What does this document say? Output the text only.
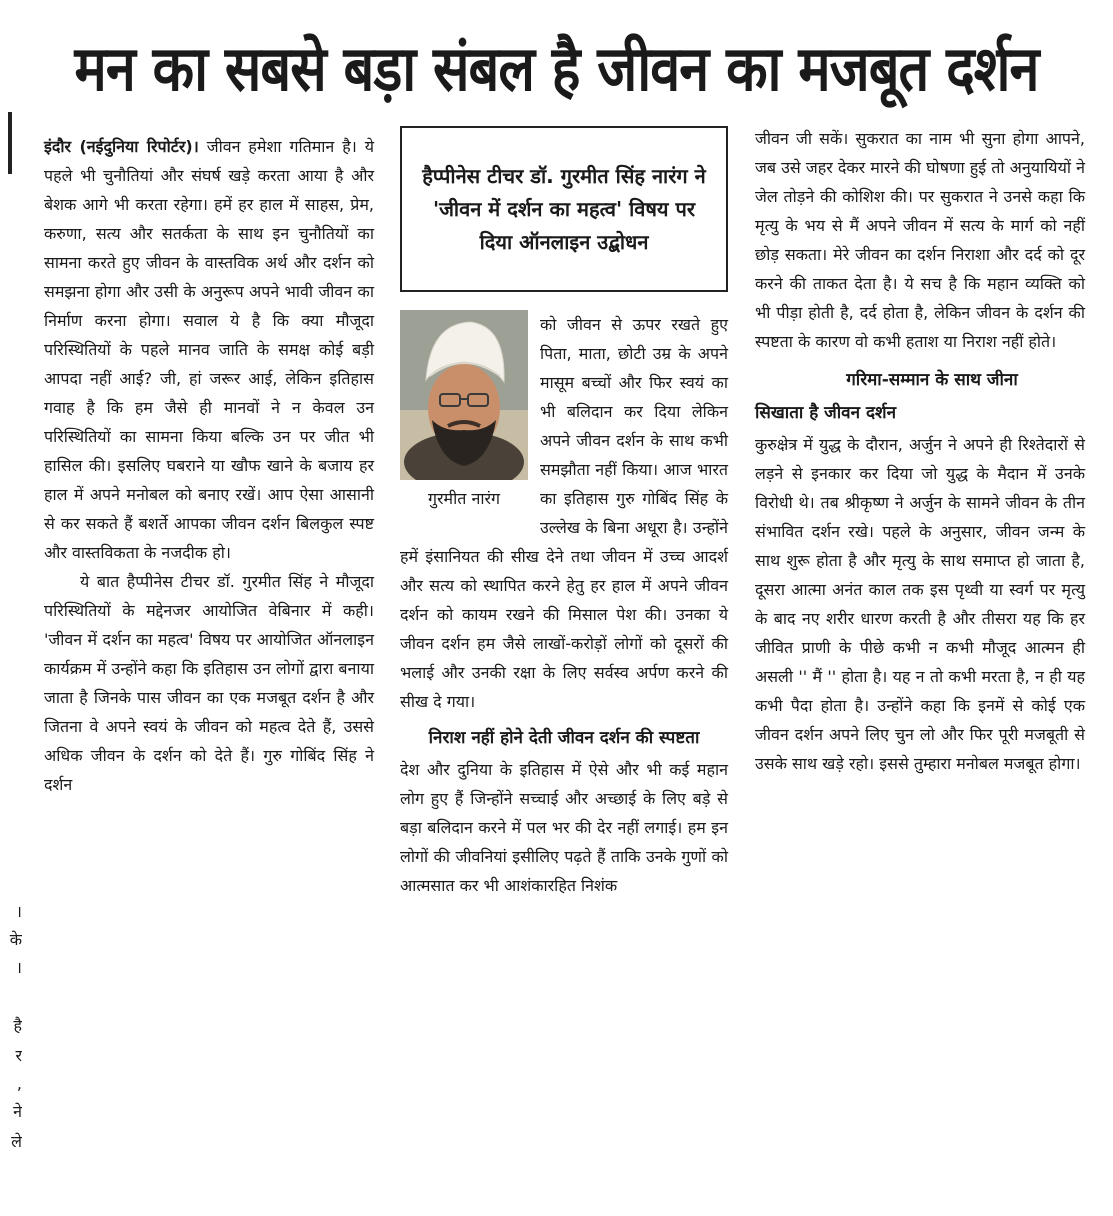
।
के
।
है
र
,
ने
ले
मन का सबसे बड़ा संबल है जीवन का मजबूत दर्शन

इंदौर (नईदुनिया रिपोर्टर)। जीवन हमेशा गतिमान है। ये पहले भी चुनौतियां और संघर्ष खड़े करता आया है और बेशक आगे भी करता रहेगा। हमें हर हाल में साहस, प्रेम, करुणा, सत्य और सतर्कता के साथ इन चुनौतियों का सामना करते हुए जीवन के वास्तविक अर्थ और दर्शन को समझना होगा और उसी के अनुरूप अपने भावी जीवन का निर्माण करना होगा। सवाल ये है कि क्या मौजूदा परिस्थितियों के पहले मानव जाति के समक्ष कोई बड़ी आपदा नहीं आई? जी, हां जरूर आई, लेकिन इतिहास गवाह है कि हम जैसे ही मानवों ने न केवल उन परिस्थितियों का सामना किया बल्कि उन पर जीत भी हासिल की। इसलिए घबराने या खौफ खाने के बजाय हर हाल में अपने मनोबल को बनाए रखें। आप ऐसा आसानी से कर सकते हैं बशर्ते आपका जीवन दर्शन बिलकुल स्पष्ट और वास्तविकता के नजदीक हो।

ये बात हैप्पीनेस टीचर डॉ. गुरमीत सिंह ने मौजूदा परिस्थितियों के मद्देनजर आयोजित वेबिनार में कही। 'जीवन में दर्शन का महत्व' विषय पर आयोजित ऑनलाइन कार्यक्रम में उन्होंने कहा कि इतिहास उन लोगों द्वारा बनाया जाता है जिनके पास जीवन का एक मजबूत दर्शन है और जितना वे अपने स्वयं के जीवन को महत्व देते हैं, उससे अधिक जीवन के दर्शन को देते हैं। गुरु गोबिंद सिंह ने दर्शन

हैप्पीनेस टीचर डॉ. गुरमीत सिंह नारंग ने 'जीवन में दर्शन का महत्व' विषय पर दिया ऑनलाइन उद्बोधन
गुरमीत नारंग

को जीवन से ऊपर रखते हुए पिता, माता, छोटी उम्र के अपने मासूम बच्चों और फिर स्वयं का भी बलिदान कर दिया लेकिन अपने जीवन दर्शन के साथ कभी समझौता नहीं किया। आज भारत का इतिहास गुरु गोबिंद सिंह के उल्लेख के बिना अधूरा है। उन्होंने हमें इंसानियत की सीख देने तथा जीवन में उच्च आदर्श और सत्य को स्थापित करने हेतु हर हाल में अपने जीवन दर्शन को कायम रखने की मिसाल पेश की। उनका ये जीवन दर्शन हम जैसे लाखों-करोड़ों लोगों को दूसरों की भलाई और उनकी रक्षा के लिए सर्वस्व अर्पण करने की सीख दे गया।

निराश नहीं होने देती जीवन दर्शन की स्पष्टता

देश और दुनिया के इतिहास में ऐसे और भी कई महान लोग हुए हैं जिन्होंने सच्चाई और अच्छाई के लिए बड़े से बड़ा बलिदान करने में पल भर की देर नहीं लगाई। हम इन लोगों की जीवनियां इसीलिए पढ़ते हैं ताकि उनके गुणों को आत्मसात कर भी आशंकारहित निशंक

जीवन जी सकें। सुकरात का नाम भी सुना होगा आपने, जब उसे जहर देकर मारने की घोषणा हुई तो अनुयायियों ने जेल तोड़ने की कोशिश की। पर सुकरात ने उनसे कहा कि मृत्यु के भय से मैं अपने जीवन में सत्य के मार्ग को नहीं छोड़ सकता। मेरे जीवन का दर्शन निराशा और दर्द को दूर करने की ताकत देता है। ये सच है कि महान व्यक्ति को भी पीड़ा होती है, दर्द होता है, लेकिन जीवन के दर्शन की स्पष्टता के कारण वो कभी हताश या निराश नहीं होते।

गरिमा-सम्मान के साथ जीना

सिखाता है जीवन दर्शन

कुरुक्षेत्र में युद्ध के दौरान, अर्जुन ने अपने ही रिश्तेदारों से लड़ने से इनकार कर दिया जो युद्ध के मैदान में उनके विरोधी थे। तब श्रीकृष्ण ने अर्जुन के सामने जीवन के तीन संभावित दर्शन रखे। पहले के अनुसार, जीवन जन्म के साथ शुरू होता है और मृत्यु के साथ समाप्त हो जाता है, दूसरा आत्मा अनंत काल तक इस पृथ्वी या स्वर्ग पर मृत्यु के बाद नए शरीर धारण करती है और तीसरा यह कि हर जीवित प्राणी के पीछे कभी न कभी मौजूद आत्मन ही असली '' मैं '' होता है। यह न तो कभी मरता है, न ही यह कभी पैदा होता है। उन्होंने कहा कि इनमें से कोई एक जीवन दर्शन अपने लिए चुन लो और फिर पूरी मजबूती से उसके साथ खड़े रहो। इससे तुम्हारा मनोबल मजबूत होगा।
